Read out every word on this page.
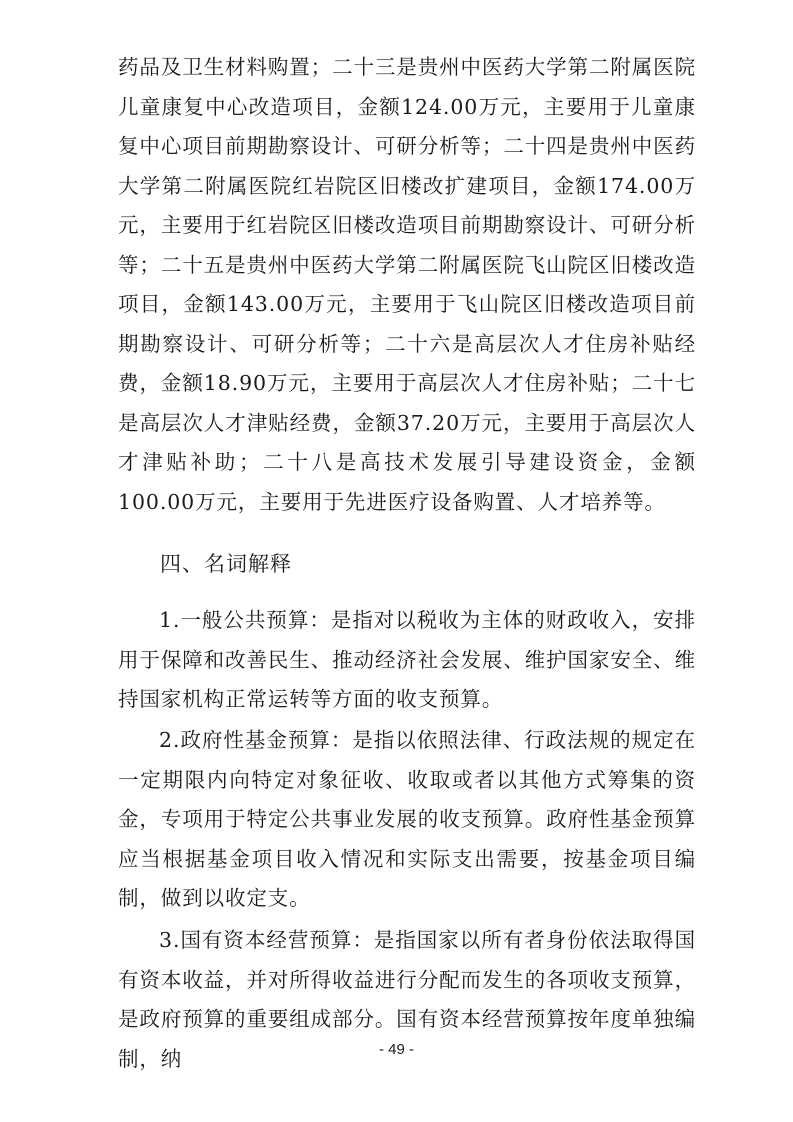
药品及卫生材料购置；二十三是贵州中医药大学第二附属医院儿童康复中心改造项目，金额124.00万元，主要用于儿童康复中心项目前期勘察设计、可研分析等；二十四是贵州中医药大学第二附属医院红岩院区旧楼改扩建项目，金额174.00万元，主要用于红岩院区旧楼改造项目前期勘察设计、可研分析等；二十五是贵州中医药大学第二附属医院飞山院区旧楼改造项目，金额143.00万元，主要用于飞山院区旧楼改造项目前期勘察设计、可研分析等；二十六是高层次人才住房补贴经费，金额18.90万元，主要用于高层次人才住房补贴；二十七是高层次人才津贴经费，金额37.20万元，主要用于高层次人才津贴补助；二十八是高技术发展引导建设资金，金额100.00万元，主要用于先进医疗设备购置、人才培养等。

四、名词解释

1.一般公共预算：是指对以税收为主体的财政收入，安排用于保障和改善民生、推动经济社会发展、维护国家安全、维持国家机构正常运转等方面的收支预算。

2.政府性基金预算：是指以依照法律、行政法规的规定在一定期限内向特定对象征收、收取或者以其他方式筹集的资金，专项用于特定公共事业发展的收支预算。政府性基金预算应当根据基金项目收入情况和实际支出需要，按基金项目编制，做到以收定支。

3.国有资本经营预算：是指国家以所有者身份依法取得国有资本收益，并对所得收益进行分配而发生的各项收支预算，是政府预算的重要组成部分。国有资本经营预算按年度单独编制，纳	- 49 -
